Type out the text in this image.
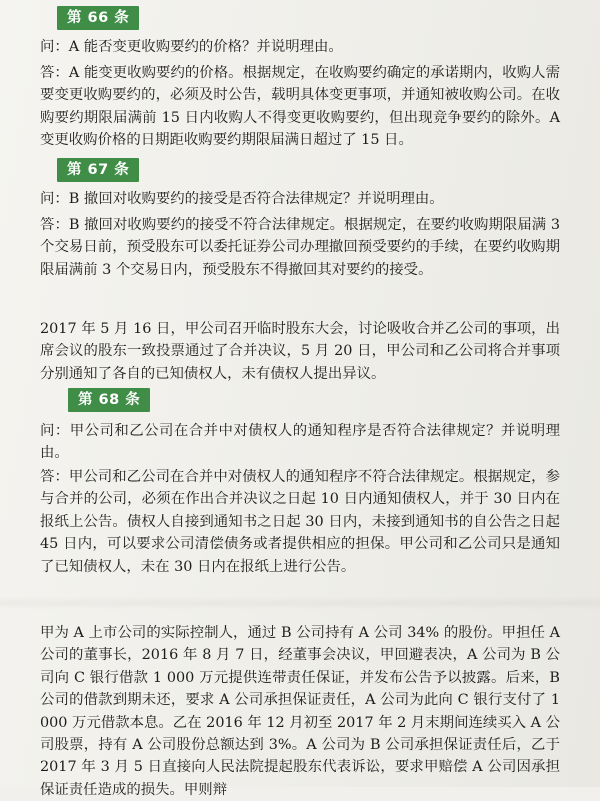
第 66 条
问：A 能否变更收购要约的价格？并说明理由。
答：A 能变更收购要约的价格。根据规定，在收购要约确定的承诺期内，收购人需要变更收购要约的，必须及时公告，载明具体变更事项，并通知被收购公司。在收购要约期限届满前 15 日内收购人不得变更收购要约，但出现竞争要约的除外。A 变更收购价格的日期距收购要约期限届满日超过了 15 日。
第 67 条
问：B 撤回对收购要约的接受是否符合法律规定？并说明理由。
答：B 撤回对收购要约的接受不符合法律规定。根据规定，在要约收购期限届满 3 个交易日前，预受股东可以委托证券公司办理撤回预受要约的手续，在要约收购期限届满前 3 个交易日内，预受股东不得撤回其对要约的接受。
2017 年 5 月 16 日，甲公司召开临时股东大会，讨论吸收合并乙公司的事项，出席会议的股东一致投票通过了合并决议，5 月 20 日，甲公司和乙公司将合并事项分别通知了各自的已知债权人，未有债权人提出异议。
第 68 条
问：甲公司和乙公司在合并中对债权人的通知程序是否符合法律规定？并说明理由。
答：甲公司和乙公司在合并中对债权人的通知程序不符合法律规定。根据规定，参与合并的公司，必须在作出合并决议之日起 10 日内通知债权人，并于 30 日内在报纸上公告。债权人自接到通知书之日起 30 日内，未接到通知书的自公告之日起 45 日内，可以要求公司清偿债务或者提供相应的担保。甲公司和乙公司只是通知了已知债权人，未在 30 日内在报纸上进行公告。
甲为 A 上市公司的实际控制人，通过 B 公司持有 A 公司 34% 的股份。甲担任 A 公司的董事长，2016 年 8 月 7 日，经董事会决议，甲回避表决，A 公司为 B 公司向 C 银行借款 1 000 万元提供连带责任保证，并发布公告予以披露。后来，B 公司的借款到期未还，要求 A 公司承担保证责任，A 公司为此向 C 银行支付了 1 000 万元借款本息。乙在 2016 年 12 月初至 2017 年 2 月末期间连续买入 A 公司股票，持有 A 公司股份总额达到 3%。A 公司为 B 公司承担保证责任后，乙于 2017 年 3 月 5 日直接向人民法院提起股东代表诉讼，要求甲赔偿 A 公司因承担保证责任造成的损失。甲则辩
